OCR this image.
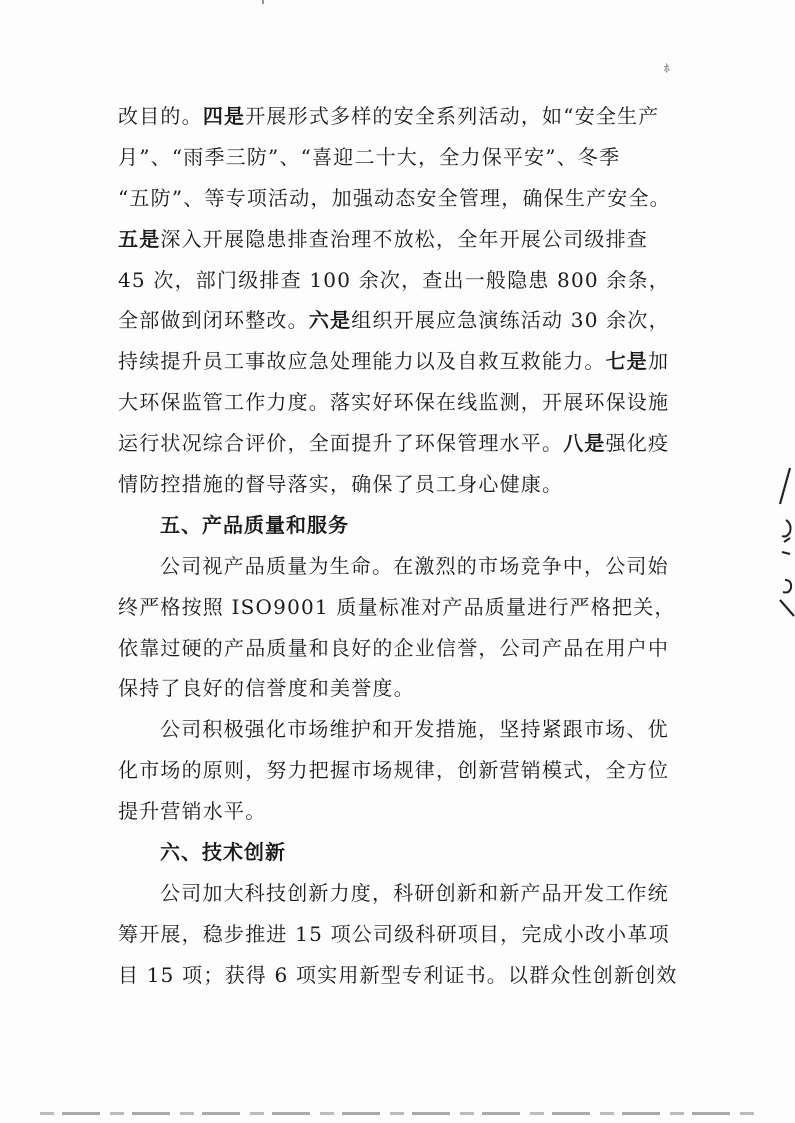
ﾎ
改目的。四是开展形式多样的安全系列活动，如“安全生产
月”、“雨季三防”、“喜迎二十大，全力保平安”、冬季
“五防”、等专项活动，加强动态安全管理，确保生产安全。
五是深入开展隐患排查治理不放松，全年开展公司级排查
45 次，部门级排查 100 余次，查出一般隐患 800 余条，
全部做到闭环整改。六是组织开展应急演练活动 30 余次，
持续提升员工事故应急处理能力以及自救互救能力。七是加
大环保监管工作力度。落实好环保在线监测，开展环保设施
运行状况综合评价，全面提升了环保管理水平。八是强化疫
情防控措施的督导落实，确保了员工身心健康。
五、产品质量和服务
公司视产品质量为生命。在激烈的市场竞争中，公司始
终严格按照 ISO9001 质量标准对产品质量进行严格把关，
依靠过硬的产品质量和良好的企业信誉，公司产品在用户中
保持了良好的信誉度和美誉度。
公司积极强化市场维护和开发措施，坚持紧跟市场、优
化市场的原则，努力把握市场规律，创新营销模式，全方位
提升营销水平。
六、技术创新
公司加大科技创新力度，科研创新和新产品开发工作统
筹开展，稳步推进 15 项公司级科研项目，完成小改小革项
目 15 项；获得 6 项实用新型专利证书。以群众性创新创效
